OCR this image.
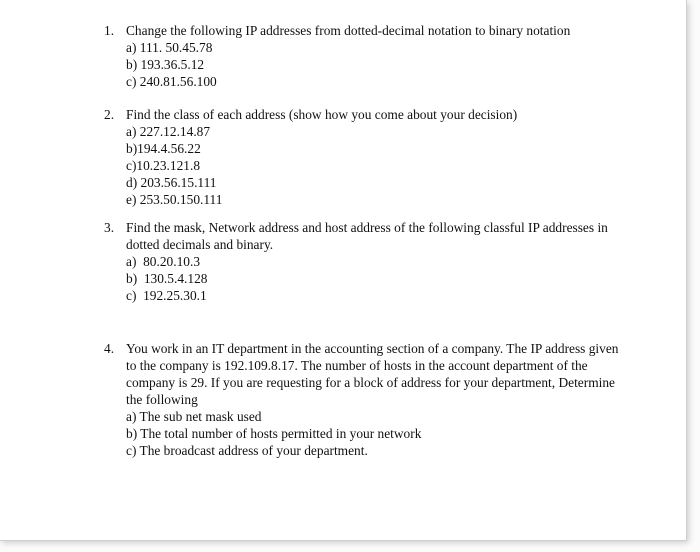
1. Change the following IP addresses from dotted-decimal notation to binary notation
a) 111. 50.45.78
b) 193.36.5.12
c) 240.81.56.100
2. Find the class of each address (show how you come about your decision)
a) 227.12.14.87
b)194.4.56.22
c)10.23.121.8
d) 203.56.15.111
e) 253.50.150.111
3. Find the mask, Network address and host address of the following classful IP addresses in dotted decimals and binary.
a)  80.20.10.3
b)  130.5.4.128
c)  192.25.30.1
4. You work in an IT department in the accounting section of a company. The IP address given to the company is 192.109.8.17. The number of hosts in the account department of the company is 29. If you are requesting for a block of address for your department, Determine the following
a) The sub net mask used
b) The total number of hosts permitted in your network
c) The broadcast address of your department.
